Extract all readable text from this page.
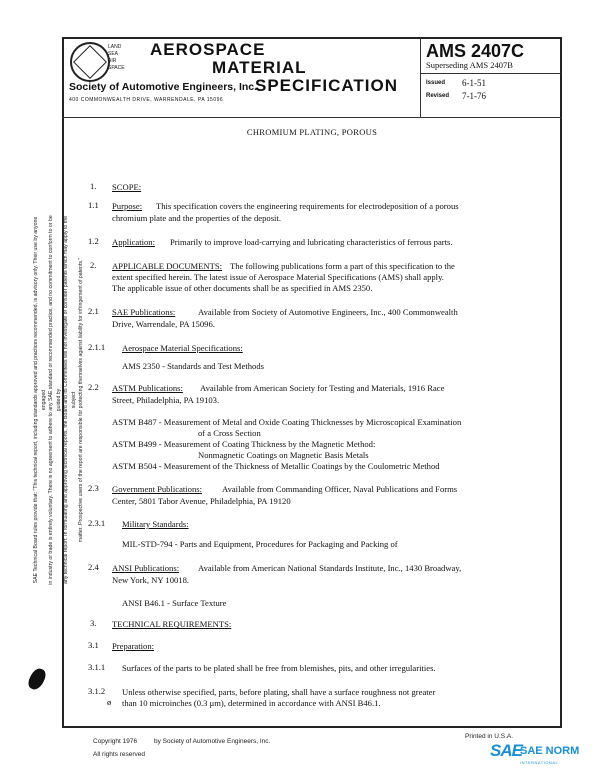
LAND
SEA
AIR
SPACE
AEROSPACE
MATERIAL
SPECIFICATION
Society of Automotive Engineers, Inc.
400 COMMONWEALTH DRIVE, WARRENDALE, PA 15096
AMS 2407C
Superseding AMS 2407B
Issued 6-1-51
Revised 7-1-76
CHROMIUM PLATING, POROUS
SAE Technical Board rules provide that: "This technical report, including standards approved and practices recommended, is advisory only. Their use by anyone engaged in industry or trade is entirely voluntary. There is no agreement to adhere to any SAE standard or recommended practice, and no commitment to conform to or be guided by any technical report. In formulating and approving technical reports, the Board and its Committees will not investigate or consider patents which may apply to the subject matter. Prospective users of the report are responsible for protecting themselves against liability for infringement of patents."
1. SCOPE:
1.1 Purpose: This specification covers the engineering requirements for electrodeposition of a porous
chromium plate and the properties of the deposit.
1.2 Application: Primarily to improve load-carrying and lubricating characteristics of ferrous parts.
2. APPLICABLE DOCUMENTS: The following publications form a part of this specification to the
extent specified herein. The latest issue of Aerospace Material Specifications (AMS) shall apply.
The applicable issue of other documents shall be as specified in AMS 2350.
2.1 SAE Publications:	Available from Society of Automotive Engineers, Inc., 400 Commonwealth
Drive, Warrendale, PA 15096.
2.1.1 Aerospace Material Specifications:
AMS 2350 - Standards and Test Methods
2.2 ASTM Publications: Available from American Society for Testing and Materials, 1916 Race
Street, Philadelphia, PA 19103.
ASTM B487 - Measurement of Metal and Oxide Coating Thicknesses by Microscopical Examination
of a Cross Section
ASTM B499 - Measurement of Coating Thickness by the Magnetic Method:
Nonmagnetic Coatings on Magnetic Basis Metals
ASTM B504 - Measurement of the Thickness of Metallic Coatings by the Coulometric Method
2.3 Government Publications: Available from Commanding Officer, Naval Publications and Forms
Center, 5801 Tabor Avenue, Philadelphia, PA 19120
2.3.1 Military Standards:
MIL-STD-794 - Parts and Equipment, Procedures for Packaging and Packing of
2.4 ANSI Publications: Available from American National Standards Institute, Inc., 1430 Broadway,
New York, NY 10018.
ANSI B46.1 - Surface Texture
3. TECHNICAL REQUIREMENTS:
3.1 Preparation:
3.1.1 Surfaces of the parts to be plated shall be free from blemishes, pits, and other irregularities.
3.1.2 Unless otherwise specified, parts, before plating, shall have a surface roughness not greater
ø than 10 microinches (0.3 μm), determined in accordance with ANSI B46.1.
Copyright 1976	by Society of Automotive Engineers, Inc.
All rights reserved
Printed in U.S.A.
SAE
SAE NORM
INTERNATIONAL
